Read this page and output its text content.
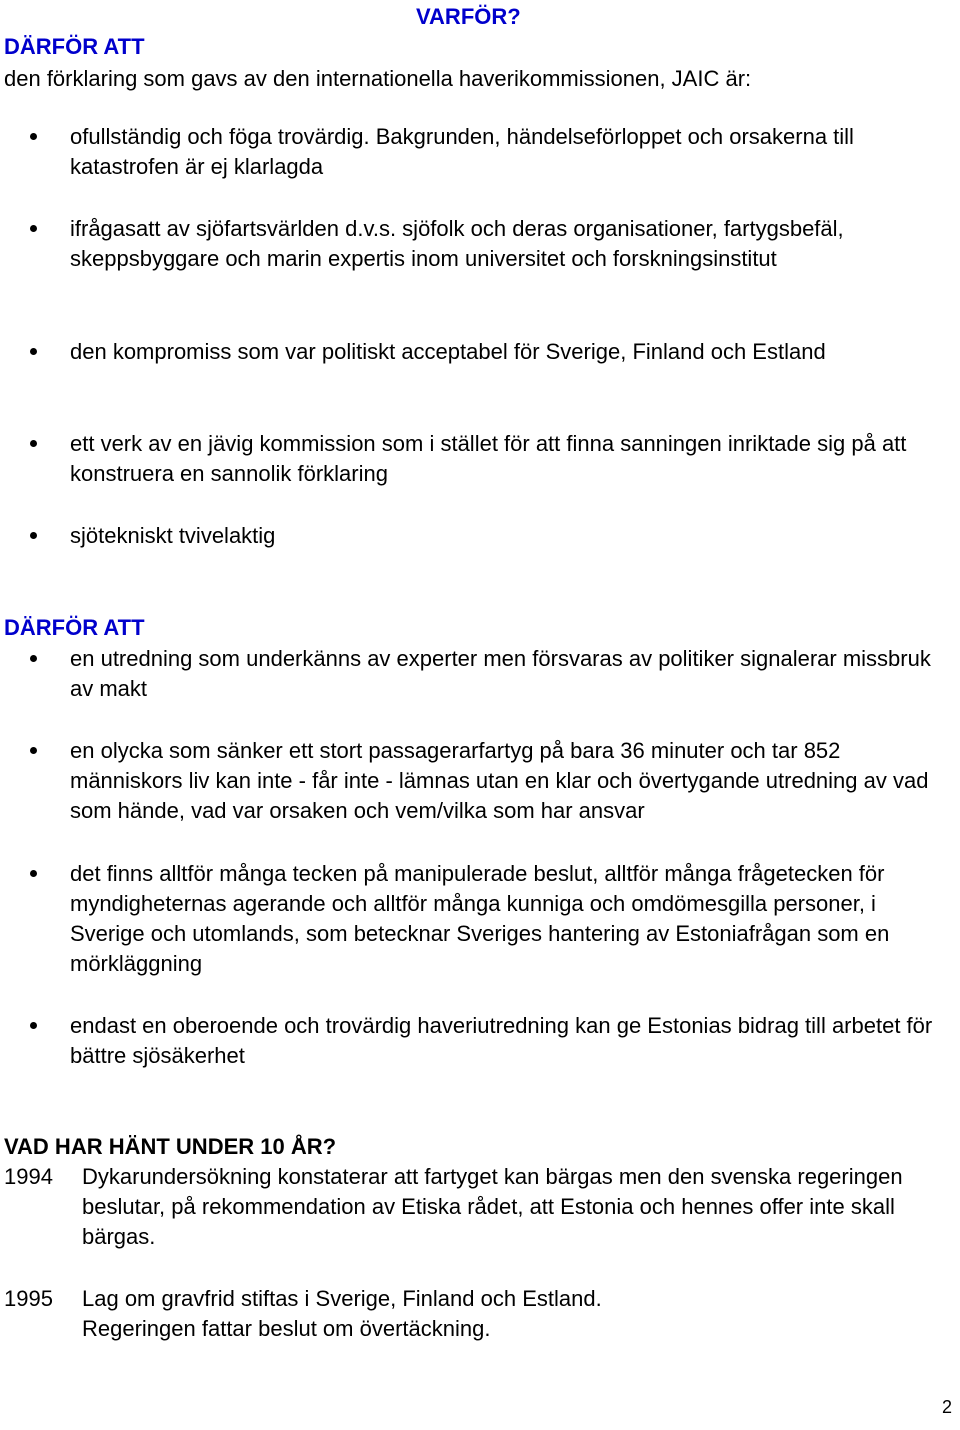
VARFÖR?
DÄRFÖR ATT
den förklaring som gavs av den internationella haverikommissionen, JAIC är:
ofullständig och föga trovärdig. Bakgrunden, händelseförloppet och orsakerna till katastrofen är ej klarlagda
ifrågasatt av sjöfartsvärlden d.v.s. sjöfolk och deras organisationer, fartygsbefäl, skeppsbyggare och marin expertis inom universitet och forskningsinstitut
den kompromiss som var politiskt acceptabel för Sverige, Finland och Estland
ett verk av en jävig kommission som i stället för att finna sanningen inriktade sig på att konstruera en sannolik förklaring
sjötekniskt tvivelaktig
DÄRFÖR ATT
en utredning som underkänns av experter men försvaras av politiker signalerar missbruk av makt
en olycka som sänker ett stort passagerarfartyg på bara 36 minuter och tar 852 människors liv kan inte - får inte - lämnas utan en klar och övertygande utredning av vad som hände, vad var orsaken och vem/vilka som har ansvar
det finns alltför många tecken på manipulerade beslut, alltför många frågetecken för myndigheternas agerande och alltför många kunniga och omdömesgilla personer, i Sverige och utomlands, som betecknar Sveriges hantering av Estoniafrågan som en mörkläggning
endast en oberoende och trovärdig haveriutredning kan ge Estonias bidrag till arbetet för bättre sjösäkerhet
VAD HAR HÄNT UNDER 10 ÅR?
1994	Dykarundersökning konstaterar att fartyget kan bärgas men den svenska regeringen beslutar, på rekommendation av Etiska rådet, att Estonia och hennes offer inte skall bärgas.
1995	Lag om gravfrid stiftas i Sverige, Finland och Estland.
Regeringen fattar beslut om övertäckning.
2
